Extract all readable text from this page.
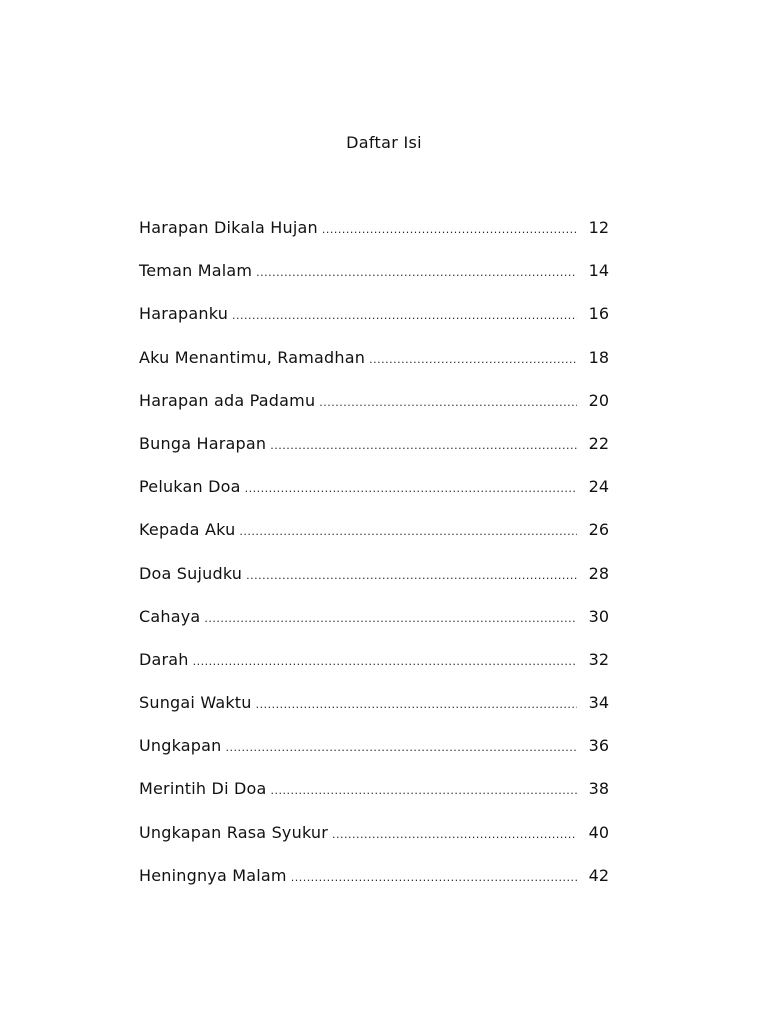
Daftar Isi
Harapan Dikala Hujan .....	12
Teman Malam .....	14
Harapanku .....	16
Aku Menantimu, Ramadhan .....	18
Harapan ada Padamu .....	20
Bunga Harapan .....	22
Pelukan Doa .....	24
Kepada Aku .....	26
Doa Sujudku .....	28
Cahaya .....	30
Darah .....	32
Sungai Waktu .....	34
Ungkapan .....	36
Merintih Di Doa .....	38
Ungkapan Rasa Syukur .....	40
Heningnya Malam .....	42
